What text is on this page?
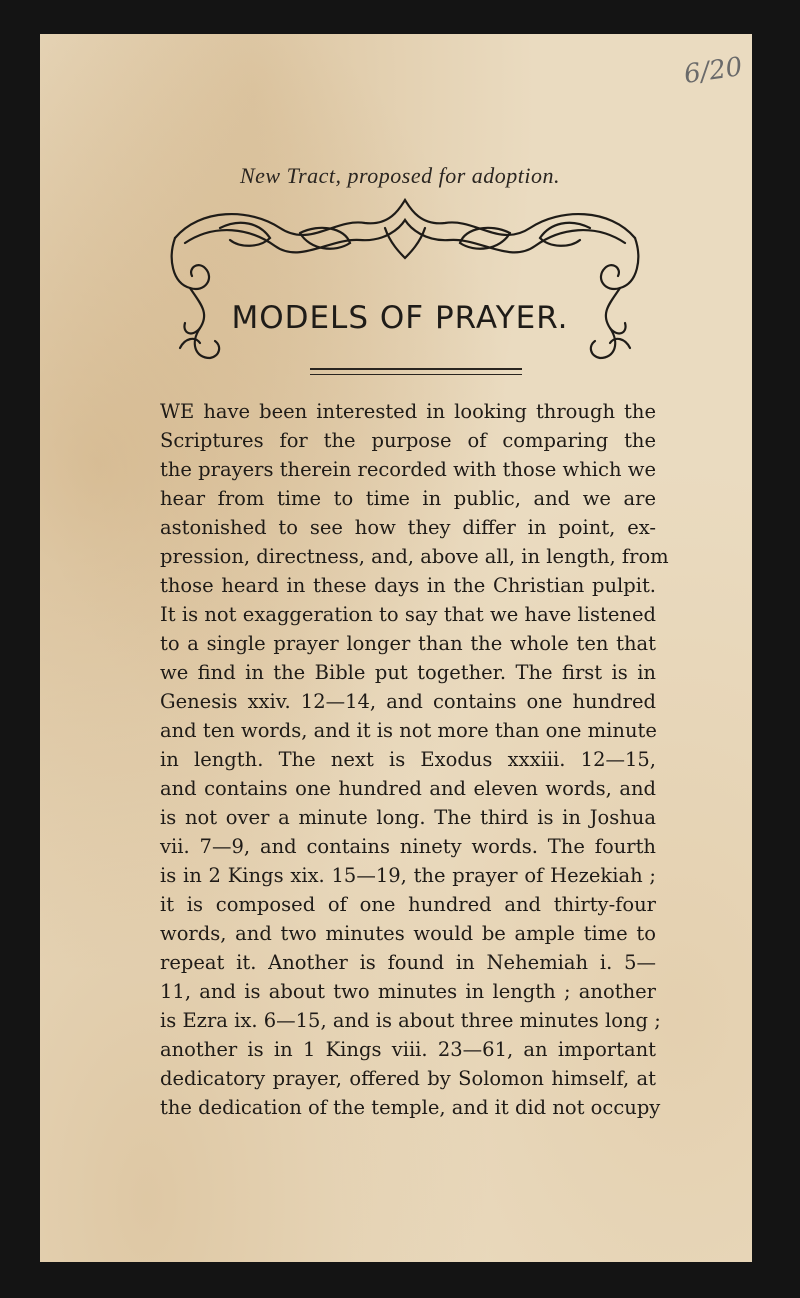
6/20
New Tract, proposed for adoption.
MODELS OF PRAYER.
WE have been interested in looking through the
Scriptures for the purpose of comparing the
the prayers therein recorded with those which we
hear from time to time in public, and we are
astonished to see how they differ in point, ex-
pression, directness, and, above all, in length, from
those heard in these days in the Christian pulpit.
It is not exaggeration to say that we have listened
to a single prayer longer than the whole ten that
we find in the Bible put together. The first is in
Genesis xxiv. 12—14, and contains one hundred
and ten words, and it is not more than one minute
in length. The next is Exodus xxxiii. 12—15,
and contains one hundred and eleven words, and
is not over a minute long. The third is in Joshua
vii. 7—9, and contains ninety words. The fourth
is in 2 Kings xix. 15—19, the prayer of Hezekiah ;
it is composed of one hundred and thirty-four
words, and two minutes would be ample time to
repeat it. Another is found in Nehemiah i. 5—
11, and is about two minutes in length ; another
is Ezra ix. 6—15, and is about three minutes long ;
another is in 1 Kings viii. 23—61, an important
dedicatory prayer, offered by Solomon himself, at
the dedication of the temple, and it did not occupy
